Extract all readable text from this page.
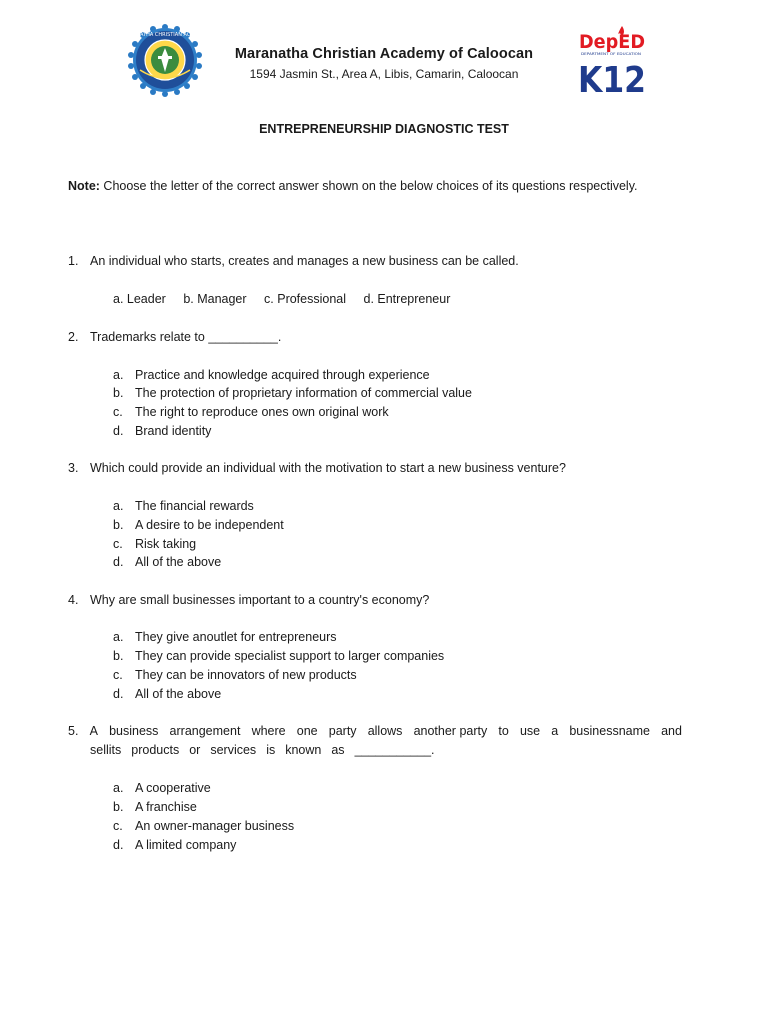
MARANATHA CHRISTIAN ACADEMY
Maranatha Christian Academy of Caloocan
1594 Jasmin St., Area A, Libis, Camarin, Caloocan
DepED
DEPARTMENT OF EDUCATION
K12
ENTREPRENEURSHIP DIAGNOSTIC TEST
Note: Choose the letter of the correct answer shown on the below choices of its questions respectively.
1. An individual who starts, creates and manages a new business can be called.
a. Leader b. Manager c. Professional d. Entrepreneur
2. Trademarks relate to __________.
a. Practice and knowledge acquired through experience
b. The protection of proprietary information of commercial value
c. The right to reproduce ones own original work
d. Brand identity
3. Which could provide an individual with the motivation to start a new business venture?
a. The financial rewards
b. A desire to be independent
c. Risk taking
d. All of the above
4. Why are small businesses important to a country's economy?
a. They give anoutlet for entrepreneurs
b. They can provide specialist support to larger companies
c. They can be innovators of new products
d. All of the above
5. A business arrangement where one party allows another party to use a businessname and
sellits products or services is known as ___________.
a. A cooperative
b. A franchise
c. An owner-manager business
d. A limited company
